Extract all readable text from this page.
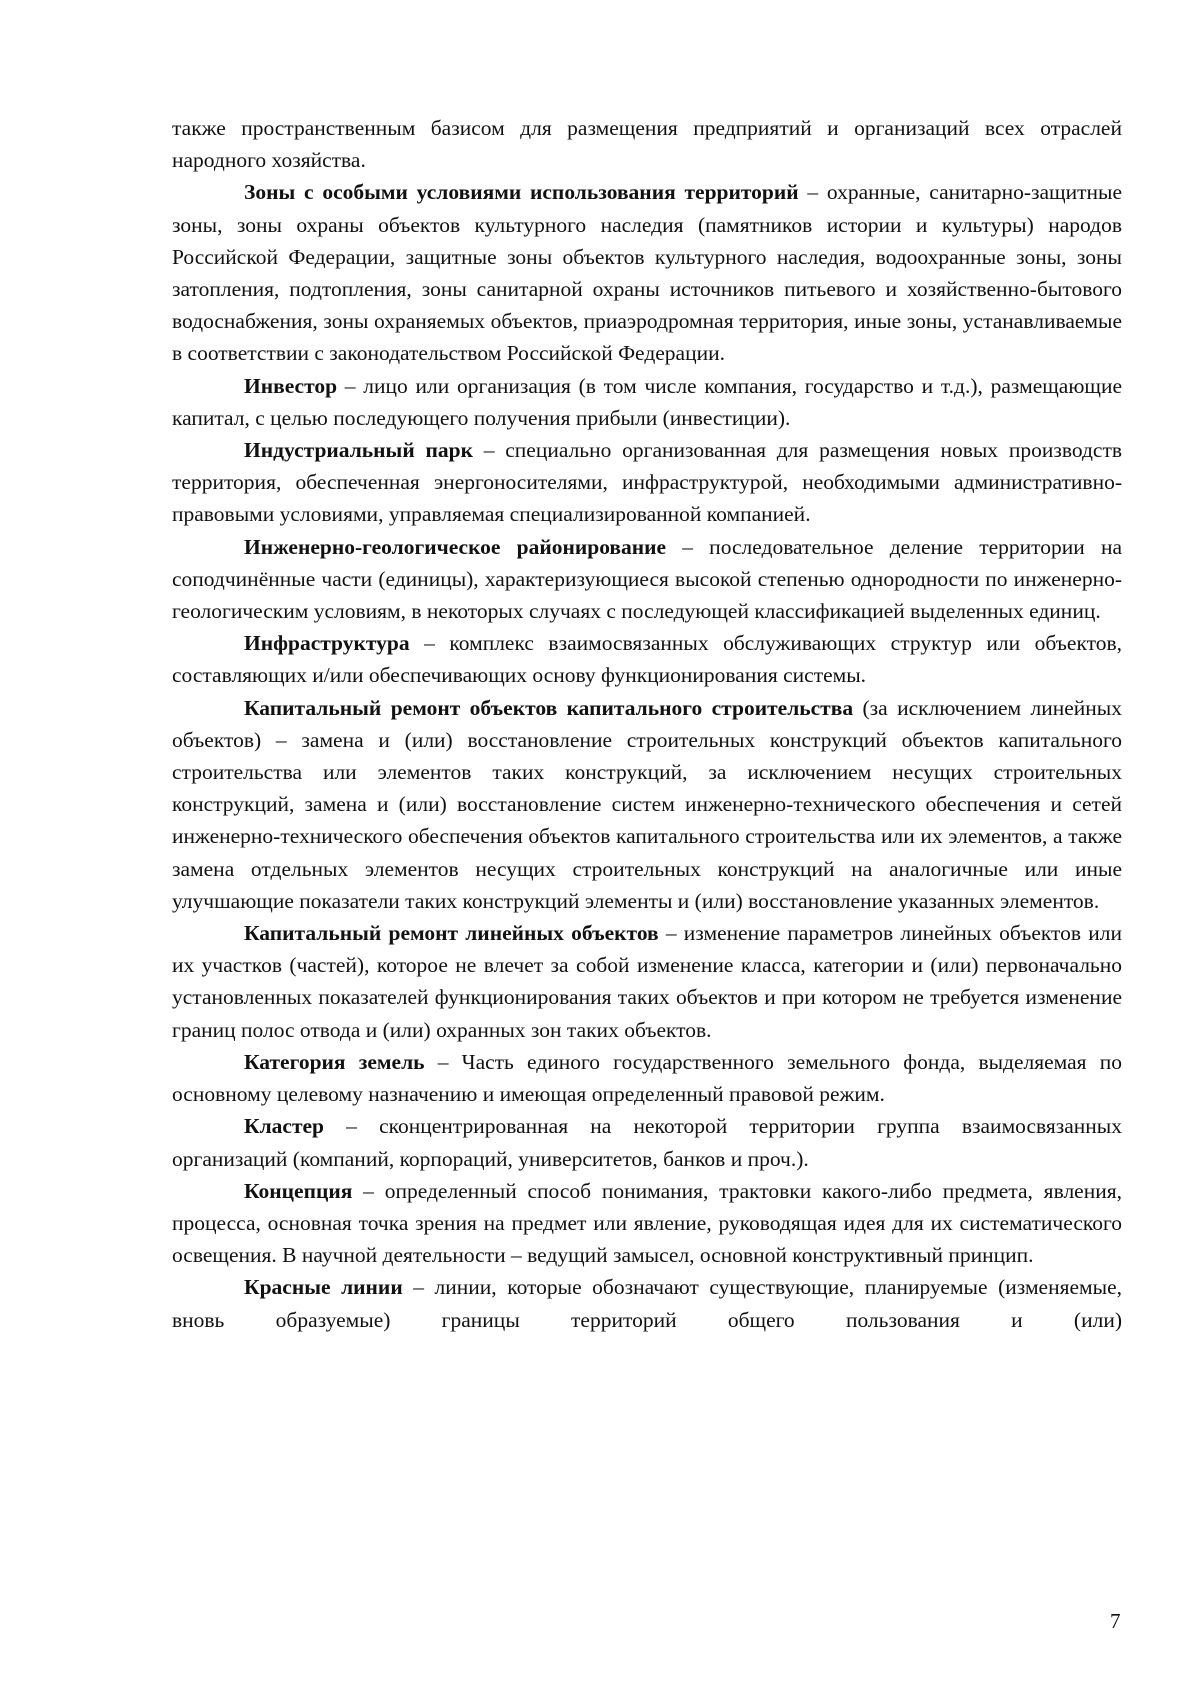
также пространственным базисом для размещения предприятий и организаций всех отраслей народного хозяйства.

Зоны с особыми условиями использования территорий – охранные, санитарно-защитные зоны, зоны охраны объектов культурного наследия (памятников истории и культуры) народов Российской Федерации, защитные зоны объектов культурного наследия, водоохранные зоны, зоны затопления, подтопления, зоны санитарной охраны источников питьевого и хозяйственно-бытового водоснабжения, зоны охраняемых объектов, приаэродромная территория, иные зоны, устанавливаемые в соответствии с законодательством Российской Федерации.

Инвестор – лицо или организация (в том числе компания, государство и т.д.), размещающие капитал, с целью последующего получения прибыли (инвестиции).

Индустриальный парк – специально организованная для размещения новых производств территория, обеспеченная энергоносителями, инфраструктурой, необходимыми административно-правовыми условиями, управляемая специализированной компанией.

Инженерно-геологическое районирование – последовательное деление территории на соподчинённые части (единицы), характеризующиеся высокой степенью однородности по инженерно-геологическим условиям, в некоторых случаях с последующей классификацией выделенных единиц.

Инфраструктура – комплекс взаимосвязанных обслуживающих структур или объектов, составляющих и/или обеспечивающих основу функционирования системы.

Капитальный ремонт объектов капитального строительства (за исключением линейных объектов) – замена и (или) восстановление строительных конструкций объектов капитального строительства или элементов таких конструкций, за исключением несущих строительных конструкций, замена и (или) восстановление систем инженерно-технического обеспечения и сетей инженерно-технического обеспечения объектов капитального строительства или их элементов, а также замена отдельных элементов несущих строительных конструкций на аналогичные или иные улучшающие показатели таких конструкций элементы и (или) восстановление указанных элементов.

Капитальный ремонт линейных объектов – изменение параметров линейных объектов или их участков (частей), которое не влечет за собой изменение класса, категории и (или) первоначально установленных показателей функционирования таких объектов и при котором не требуется изменение границ полос отвода и (или) охранных зон таких объектов.

Категория земель – Часть единого государственного земельного фонда, выделяемая по основному целевому назначению и имеющая определенный правовой режим.

Кластер – сконцентрированная на некоторой территории группа взаимосвязанных организаций (компаний, корпораций, университетов, банков и проч.).

Концепция – определенный способ понимания, трактовки какого-либо предмета, явления, процесса, основная точка зрения на предмет или явление, руководящая идея для их систематического освещения. В научной деятельности – ведущий замысел, основной конструктивный принцип.

Красные линии – линии, которые обозначают существующие, планируемые (изменяемые, вновь образуемые) границы территорий общего пользования и (или)

7
